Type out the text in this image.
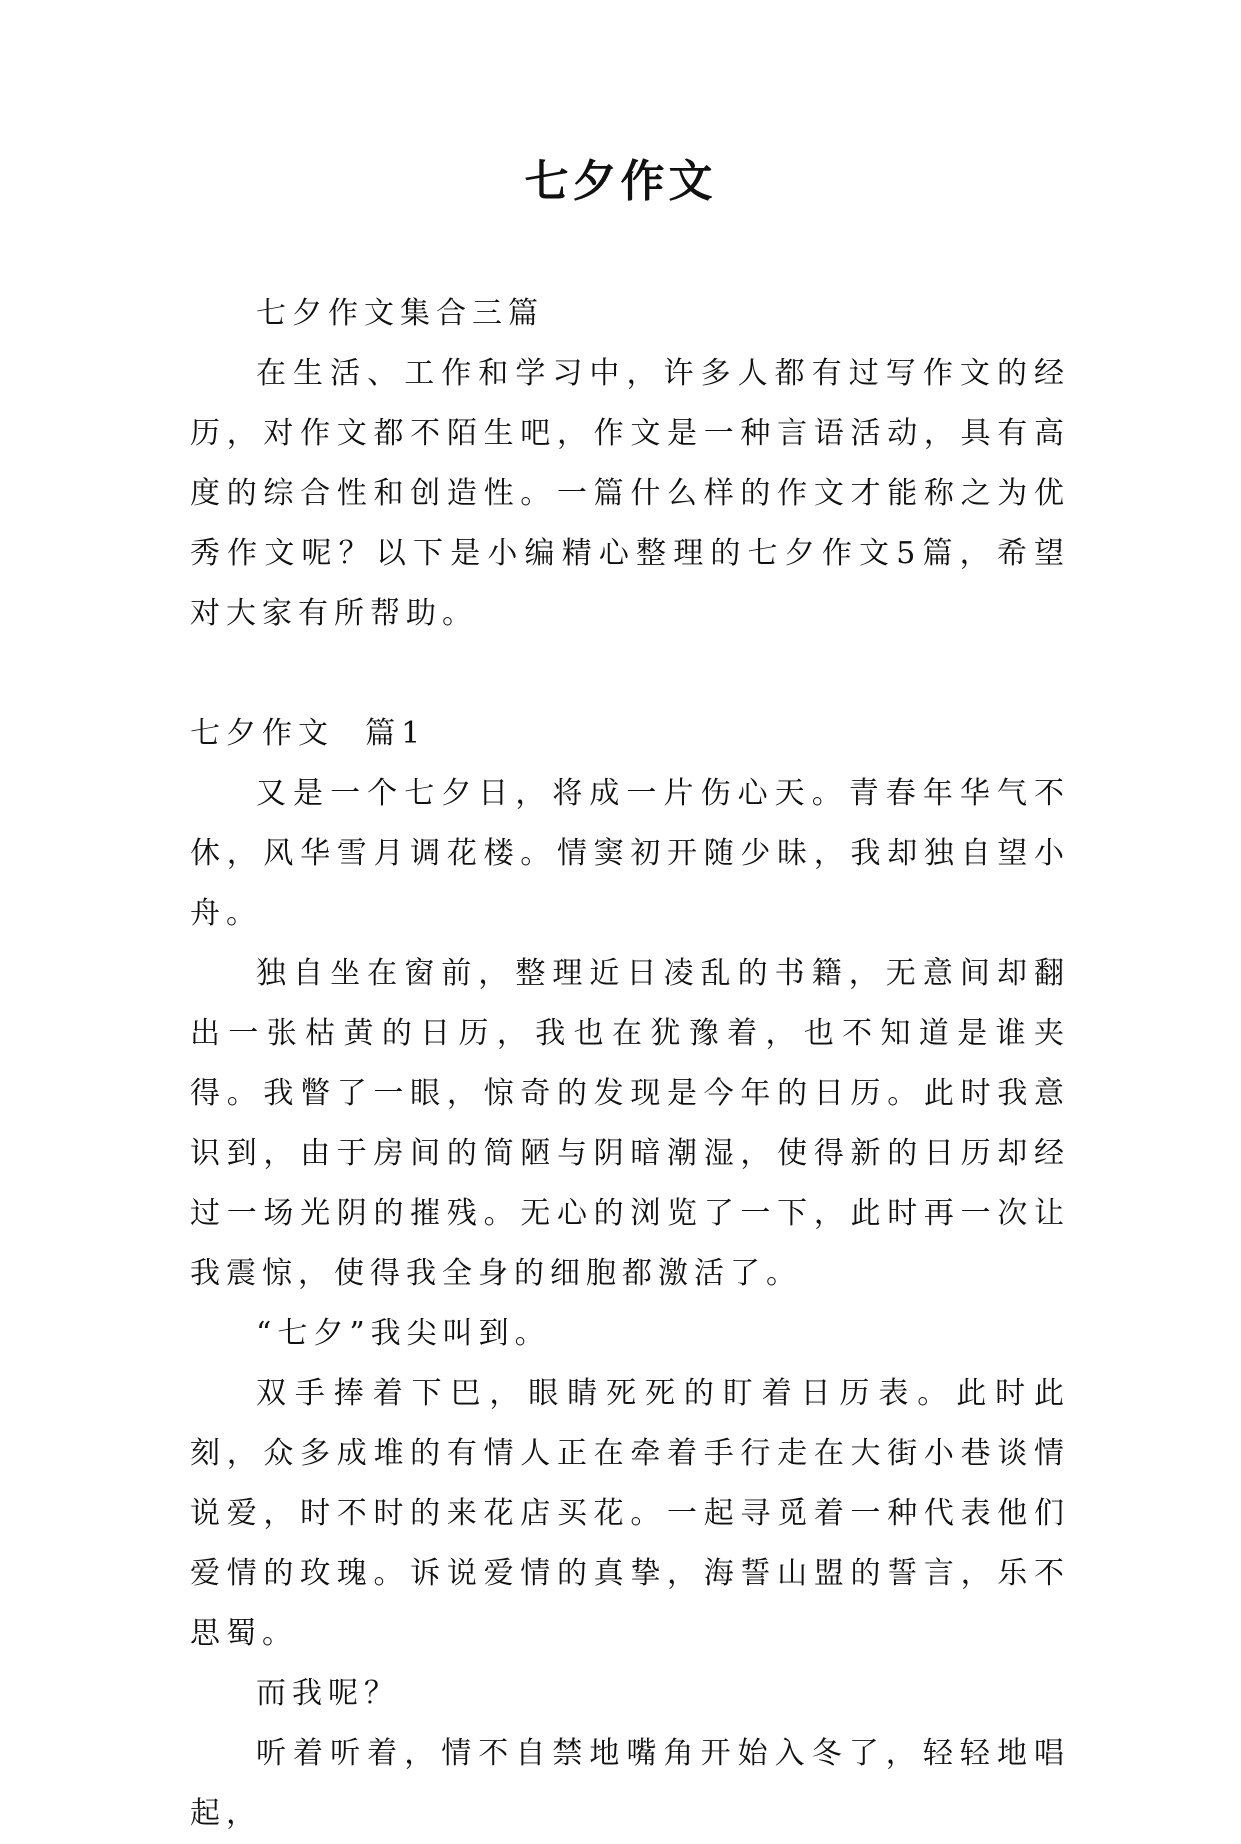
七夕作文

七夕作文集合三篇

在生活、工作和学习中，许多人都有过写作文的经历，对作文都不陌生吧，作文是一种言语活动，具有高度的综合性和创造性。一篇什么样的作文才能称之为优秀作文呢？以下是小编精心整理的七夕作文5篇，希望对大家有所帮助。

七夕作文  篇1

又是一个七夕日，将成一片伤心天。青春年华气不休，风华雪月调花楼。情窦初开随少昧，我却独自望小舟。

独自坐在窗前，整理近日凌乱的书籍，无意间却翻出一张枯黄的日历，我也在犹豫着，也不知道是谁夹得。我瞥了一眼，惊奇的发现是今年的日历。此时我意识到，由于房间的简陋与阴暗潮湿，使得新的日历却经过一场光阴的摧残。无心的浏览了一下，此时再一次让我震惊，使得我全身的细胞都激活了。

“七夕”我尖叫到。

双手捧着下巴，眼睛死死的盯着日历表。此时此刻，众多成堆的有情人正在牵着手行走在大街小巷谈情说爱，时不时的来花店买花。一起寻觅着一种代表他们爱情的玫瑰。诉说爱情的真挚，海誓山盟的誓言，乐不思蜀。

而我呢？

听着听着，情不自禁地嘴角开始入冬了，轻轻地唱起，
